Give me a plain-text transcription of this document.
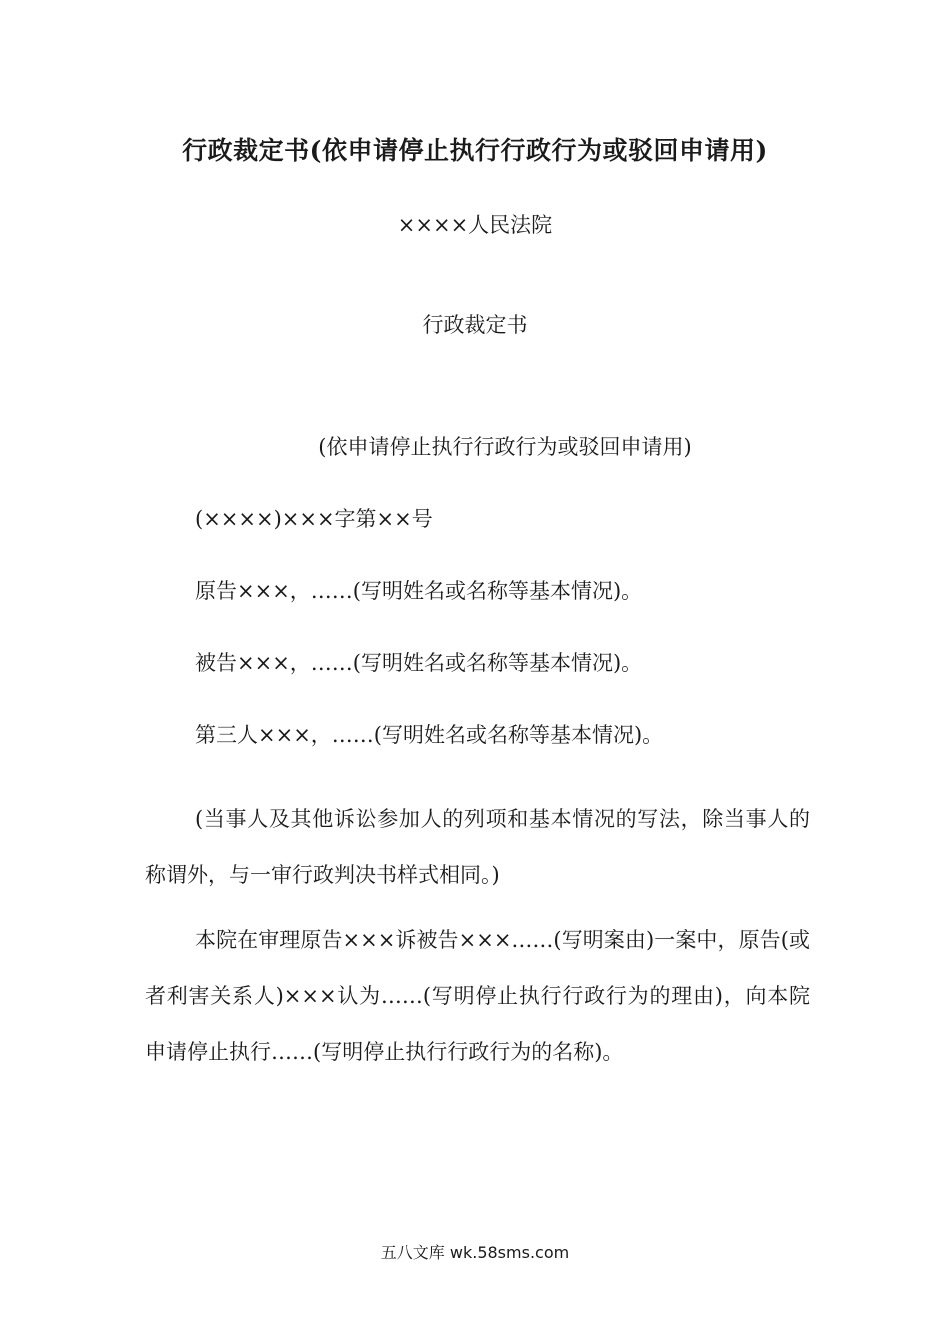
行政裁定书(依申请停止执行行政行为或驳回申请用)
××××人民法院
行政裁定书
(依申请停止执行行政行为或驳回申请用)

(××××)×××字第××号

原告×××，……(写明姓名或名称等基本情况)。

被告×××，……(写明姓名或名称等基本情况)。

第三人×××，……(写明姓名或名称等基本情况)。

(当事人及其他诉讼参加人的列项和基本情况的写法，除当事人的称谓外，与一审行政判决书样式相同。)

本院在审理原告×××诉被告×××……(写明案由)一案中，原告(或者利害关系人)×××认为……(写明停止执行行政行为的理由)，向本院申请停止执行……(写明停止执行行政行为的名称)。

五八文库 wk.58sms.com
